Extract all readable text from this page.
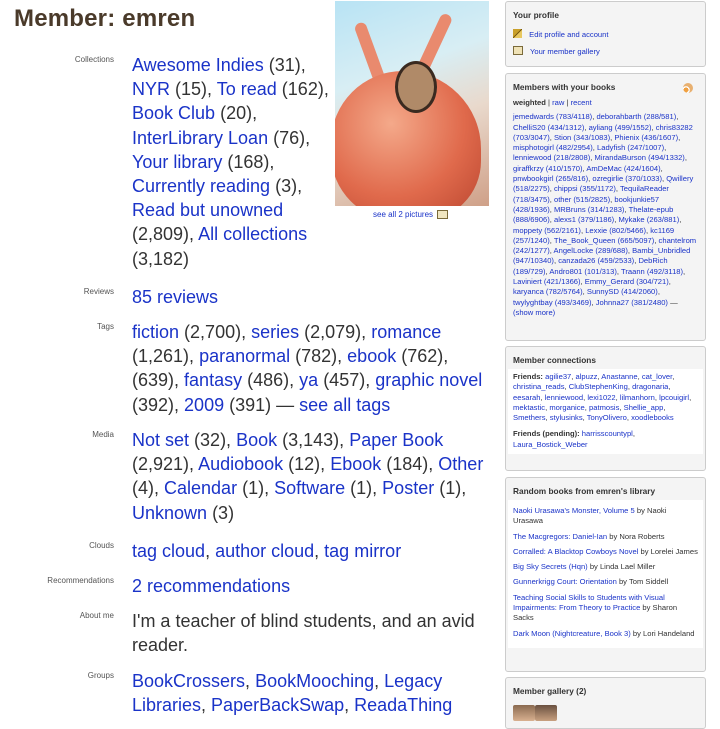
Member: emren
Collections Awesome Indies (31),
NYR (15), To read (162),
Book Club (20),
InterLibrary Loan (76),
Your library (168),
Currently reading (3),
Read but unowned
(2,809), All collections
(3,182)
Reviews 85 reviews
Tags fiction (2,700), series (2,079), romance
(1,261), paranormal (782), ebook (762),
(639), fantasy (486), ya (457), graphic novel
(392), 2009 (391) — see all tags
Media Not set (32), Book (3,143), Paper Book
(2,921), Audiobook (12), Ebook (184), Other
(4), Calendar (1), Software (1), Poster (1),
Unknown (3)
Clouds tag cloud, author cloud, tag mirror
Recommendations 2 recommendations
About me I'm a teacher of blind students, and an avid reader.
Groups BookCrossers, BookMooching, Legacy Libraries, PaperBackSwap, ReadaThing
see all 2 pictures
Your profile
Edit profile and account
Your member gallery
Members with your books
weighted | raw | recent
jemedwards (783/4118), deborahbarth (288/581), ChelliS20 (434/1312), ayliang (499/1552), chris83282 (703/3047), Stion (343/1083), Phienix (436/1607), misphotogirl (482/2954), Ladyfish (247/1007), lenniewood (218/2808), MirandaBurson (494/1332), giraffkrzy (410/1570), AmDeMac (424/1604), pnwbookgirl (265/816), ozregirlie (370/1033), Qwillery (518/2275), chippsi (355/1172), TequilaReader (718/3475), other (515/2825), bookjunkie57 (428/1936), MRBruns (314/1283), Thelate-epub (888/6906), alexs1 (379/1186), Mykake (263/881), moppety (562/2161), Lexxie (802/5466), kc1169 (257/1240), The_Book_Queen (665/5097), chantelrom (242/1277), AngelLocke (289/688), Bambi_Unbridled (947/10340), canzada26 (459/2533), DebRich (189/729), Andro801 (101/313), Traann (492/3118), Laviniert (421/1366), Emmy_Gerard (304/721), karyanca (782/5764), SunnySD (414/2060), twylyghtbay (493/3469), Johnna27 (381/2480) — (show more)
Member connections
Friends: agilie37, alpuzz, Anastanne, cat_lover, christina_reads, ClubStephenKing, dragonaria, eesarah, lenniewood, lexi1022, lilmanhorn, lpcouigirl, mektastic, morganice, patmosis, Shellie_app, Smethers, stylusinks, TonyOlivero, xoodlebooks
Friends (pending): harrisscountypl, Laura_Bostick_Weber
Random books from emren's library

Naoki Urasawa's Monster, Volume 5 by Naoki Urasawa

The Macgregors: Daniel-Ian by Nora Roberts

Corralled: A Blacktop Cowboys Novel by Lorelei James

Big Sky Secrets (Hqn) by Linda Lael Miller

Gunnerkrigg Court: Orientation by Tom Siddell

Teaching Social Skills to Students with Visual Impairments: From Theory to Practice by Sharon Sacks

Dark Moon (Nightcreature, Book 3) by Lori Handeland

Member gallery (2)
